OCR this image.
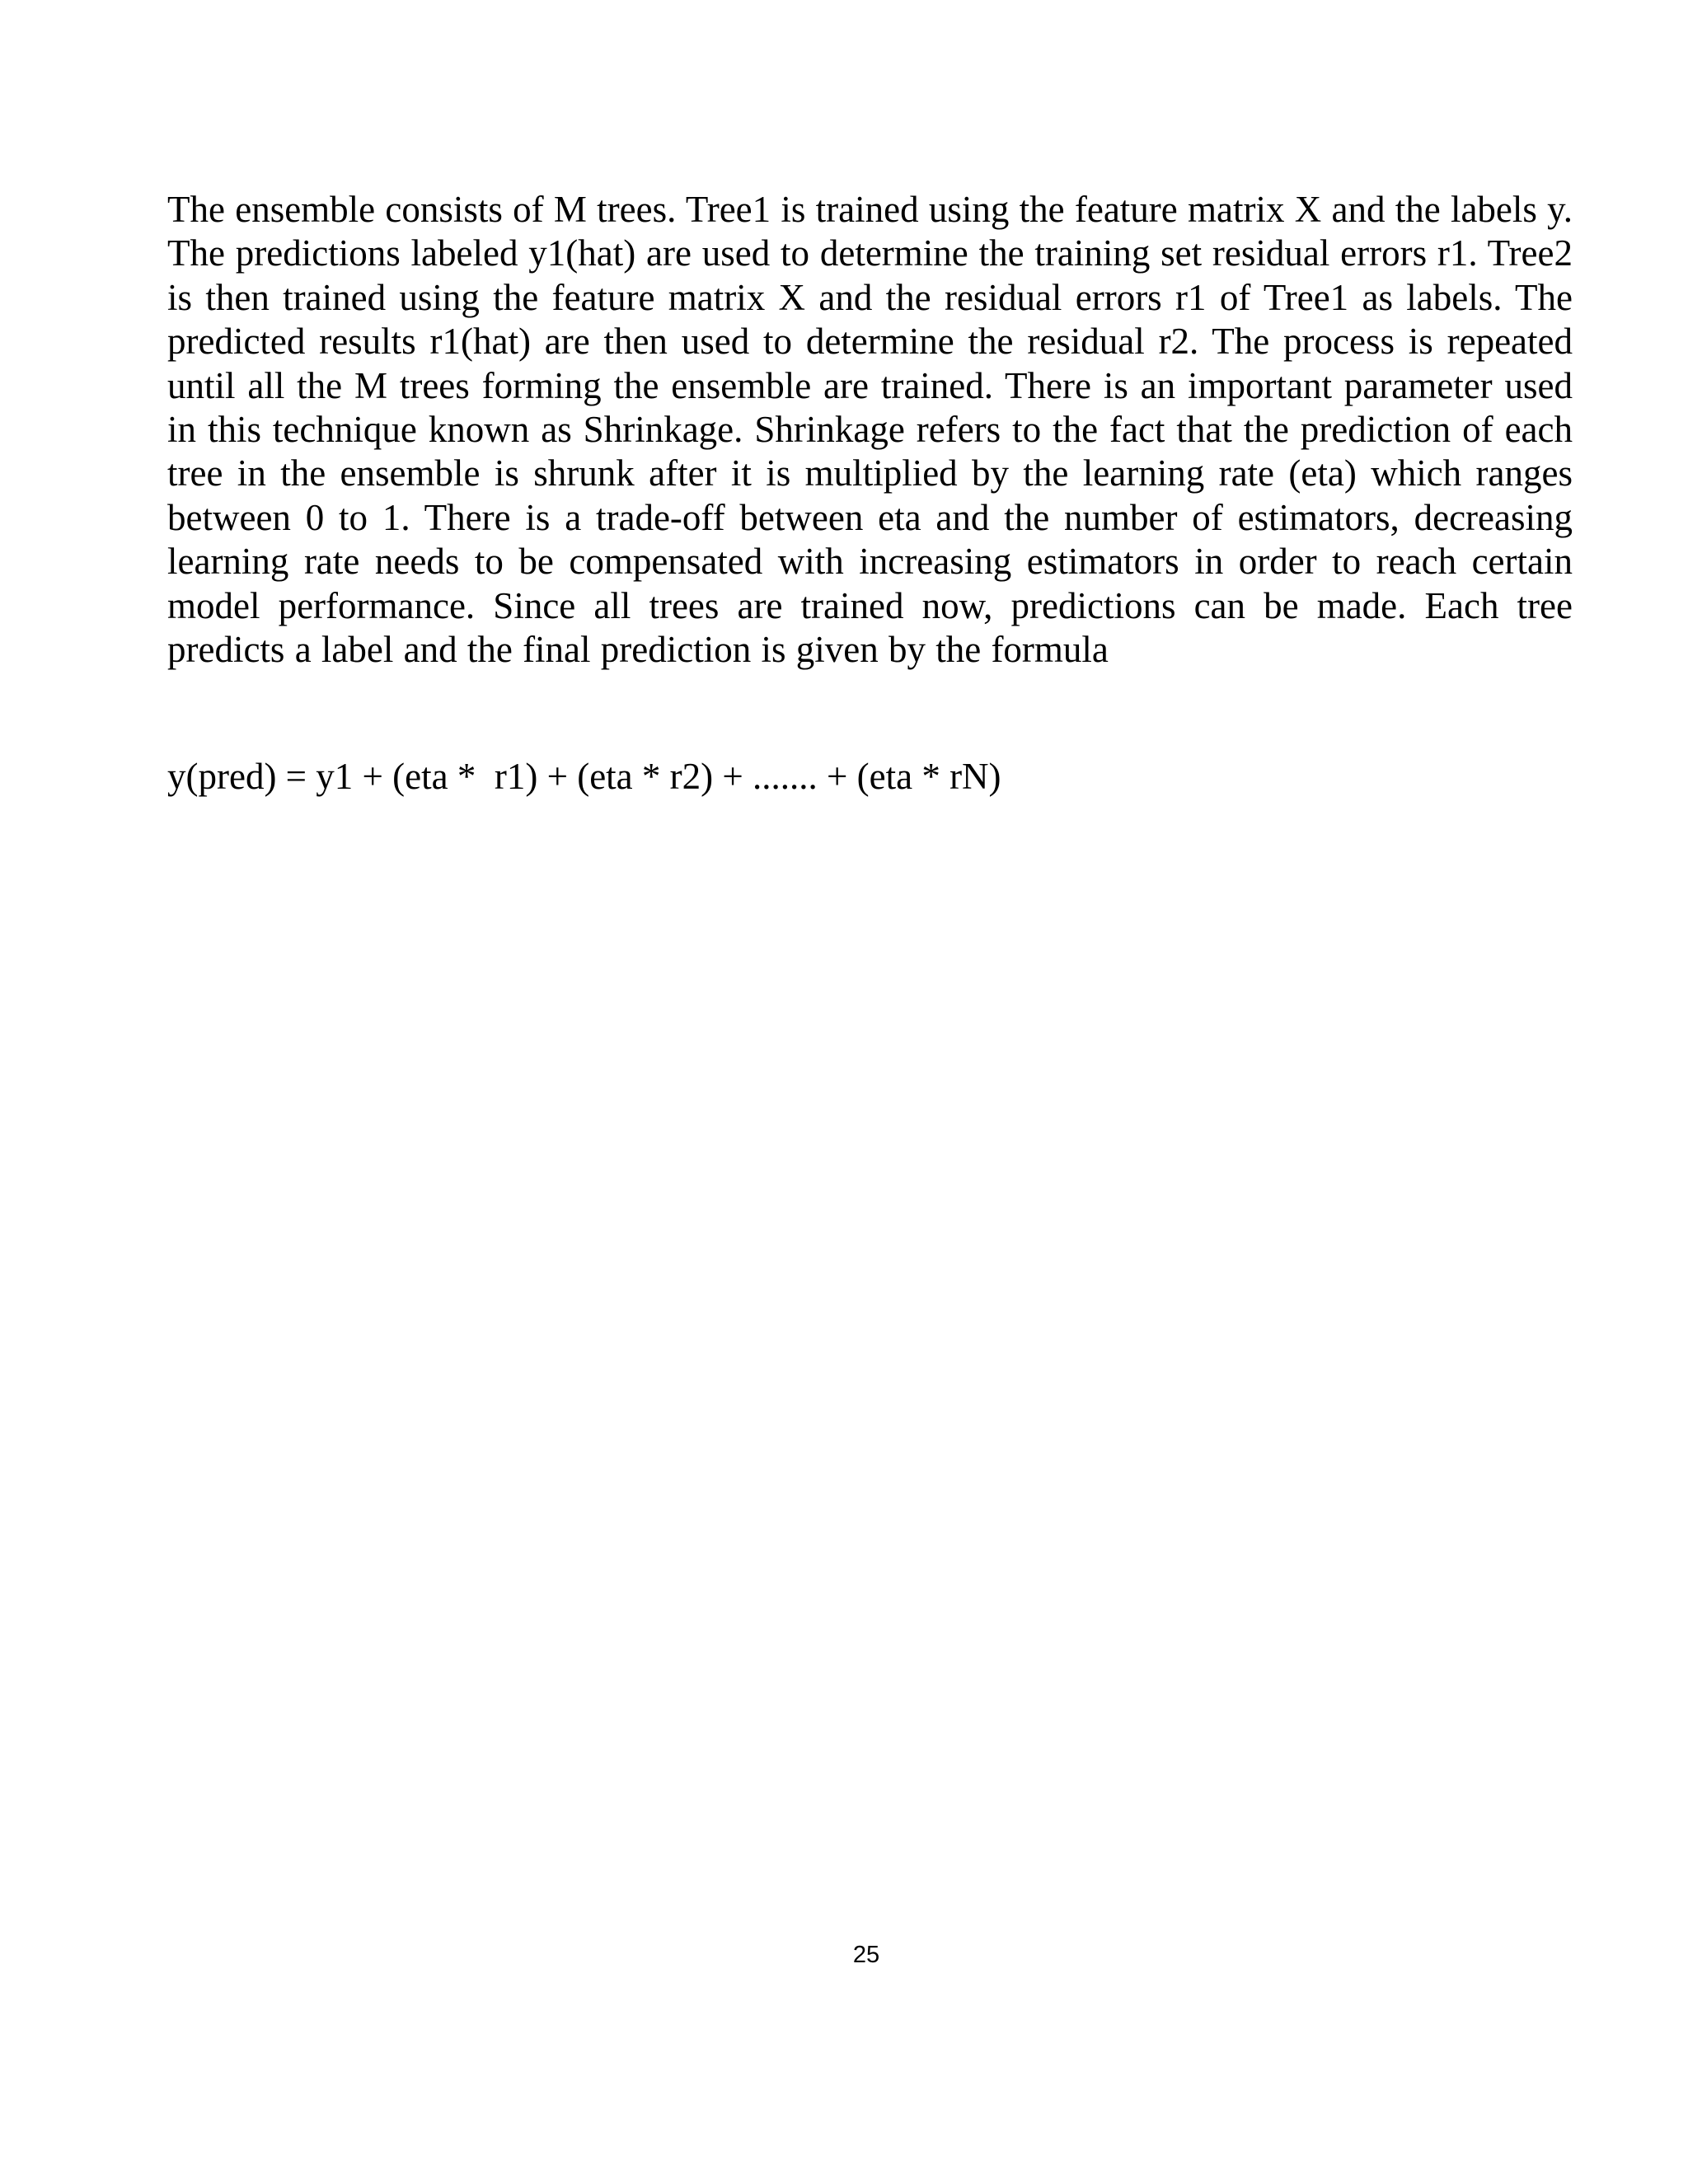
The ensemble consists of M trees. Tree1 is trained using the feature matrix X and the labels y. The predictions labeled y1(hat) are used to determine the training set residual errors r1. Tree2 is then trained using the feature matrix X and the residual errors r1 of Tree1 as labels. The predicted results r1(hat) are then used to determine the residual r2. The process is repeated until all the M trees forming the ensemble are trained. There is an important parameter used in this technique known as Shrinkage. Shrinkage refers to the fact that the prediction of each tree in the ensemble is shrunk after it is multiplied by the learning rate (eta) which ranges between 0 to 1. There is a trade-off between eta and the number of estimators, decreasing learning rate needs to be compensated with increasing estimators in order to reach certain model performance. Since all trees are trained now, predictions can be made. Each tree predicts a label and the final prediction is given by the formula

y(pred) = y1 + (eta *  r1) + (eta * r2) + ....... + (eta * rN)

25
